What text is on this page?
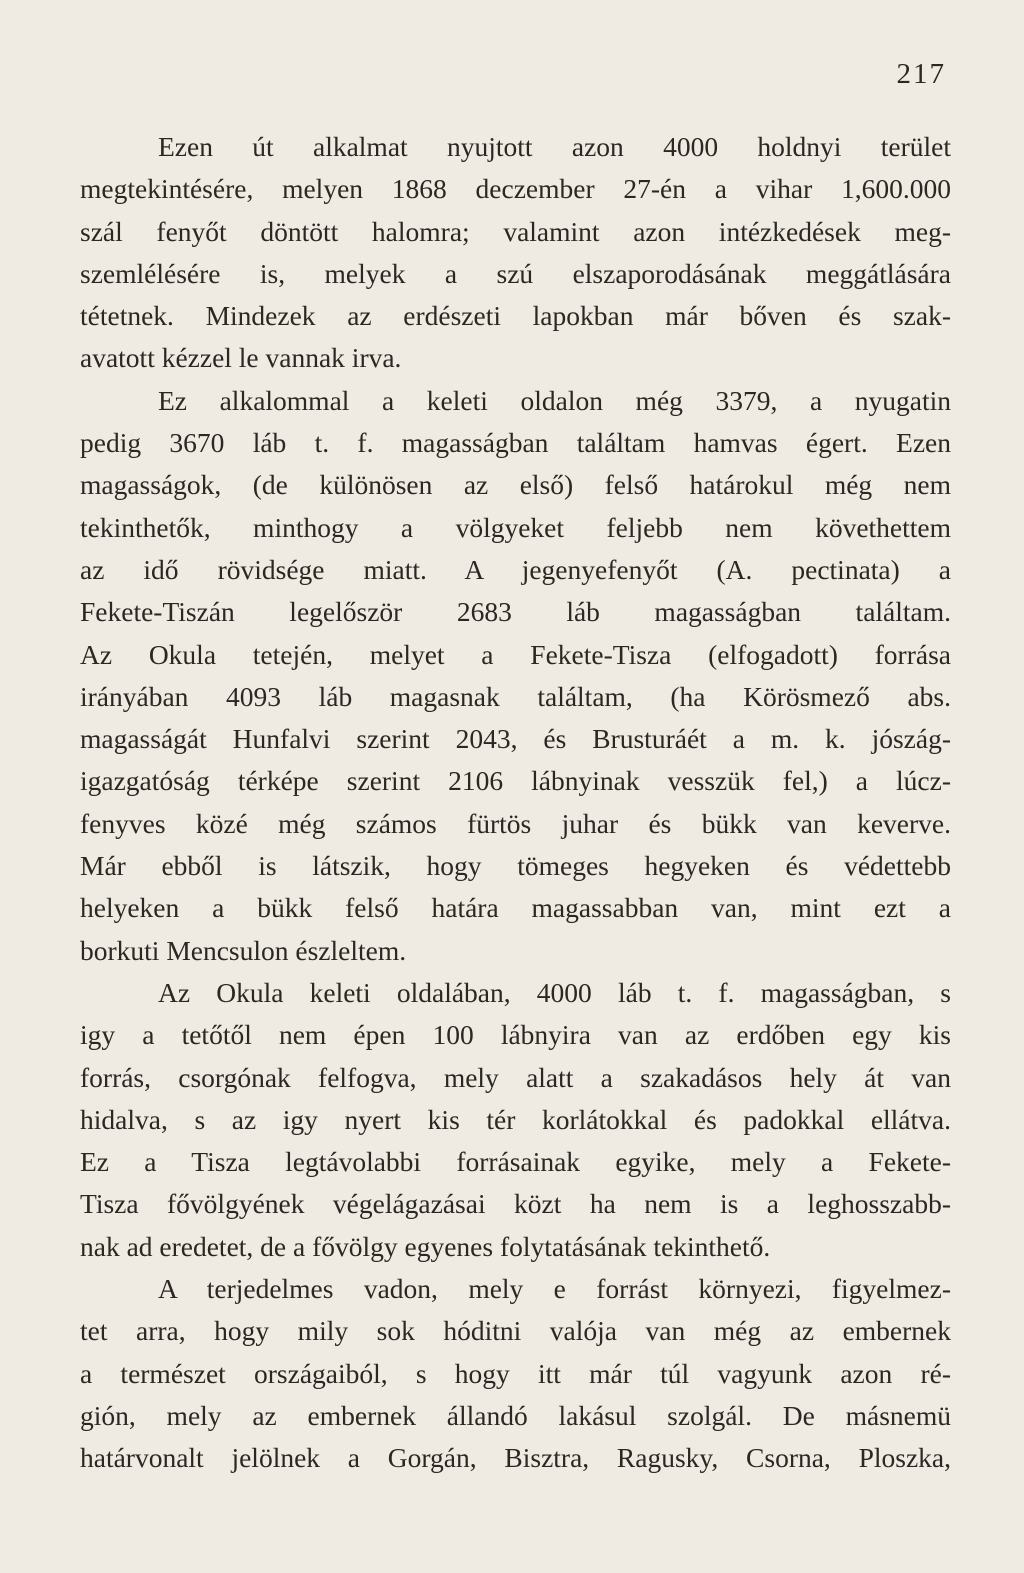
217
Ezen út alkalmat nyujtott azon 4000 holdnyi terület
megtekintésére, melyen 1868 deczember 27-én a vihar 1,600.000
szál fenyőt döntött halomra; valamint azon intézkedések meg-
szemlélésére is, melyek a szú elszaporodásának meggátlására
tétetnek. Mindezek az erdészeti lapokban már bőven és szak-
avatott kézzel le vannak irva.
Ez alkalommal a keleti oldalon még 3379, a nyugatin
pedig 3670 láb t. f. magasságban találtam hamvas égert. Ezen
magasságok, (de különösen az első) felső határokul még nem
tekinthetők, minthogy a völgyeket feljebb nem követhettem
az idő rövidsége miatt. A jegenyefenyőt (A. pectinata) a
Fekete-Tiszán legelőször 2683 láb magasságban találtam.
Az Okula tetején, melyet a Fekete-Tisza (elfogadott) forrása
irányában 4093 láb magasnak találtam, (ha Körösmező abs.
magasságát Hunfalvi szerint 2043, és Brusturáét a m. k. jószág-
igazgatóság térképe szerint 2106 lábnyinak vesszük fel,) a lúcz-
fenyves közé még számos fürtös juhar és bükk van keverve.
Már ebből is látszik, hogy tömeges hegyeken és védettebb
helyeken a bükk felső határa magassabban van, mint ezt a
borkuti Mencsulon észleltem.
Az Okula keleti oldalában, 4000 láb t. f. magasságban, s
igy a tetőtől nem épen 100 lábnyira van az erdőben egy kis
forrás, csorgónak felfogva, mely alatt a szakadásos hely át van
hidalva, s az igy nyert kis tér korlátokkal és padokkal ellátva.
Ez a Tisza legtávolabbi forrásainak egyike, mely a Fekete-
Tisza fővölgyének végelágazásai közt ha nem is a leghosszabb-
nak ad eredetet, de a fővölgy egyenes folytatásának tekinthető.
A terjedelmes vadon, mely e forrást környezi, figyelmez-
tet arra, hogy mily sok hóditni valója van még az embernek
a természet országaiból, s hogy itt már túl vagyunk azon ré-
gión, mely az embernek állandó lakásul szolgál. De másnemü
határvonalt jelölnek a Gorgán, Bisztra, Ragusky, Csorna, Ploszka,
